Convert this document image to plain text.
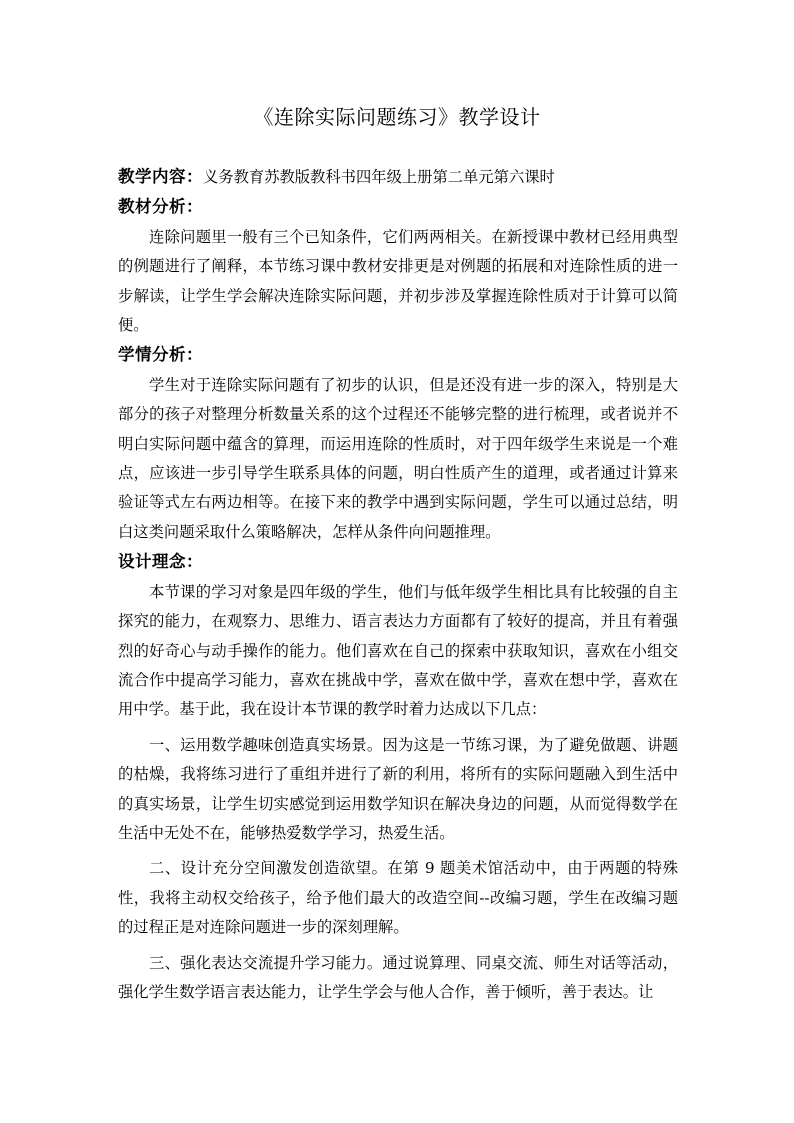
《连除实际问题练习》教学设计

教学内容：义务教育苏教版教科书四年级上册第二单元第六课时

教材分析：

连除问题里一般有三个已知条件，它们两两相关。在新授课中教材已经用典型的例题进行了阐释，本节练习课中教材安排更是对例题的拓展和对连除性质的进一步解读，让学生学会解决连除实际问题，并初步涉及掌握连除性质对于计算可以简便。

学情分析：

学生对于连除实际问题有了初步的认识，但是还没有进一步的深入，特别是大部分的孩子对整理分析数量关系的这个过程还不能够完整的进行梳理，或者说并不明白实际问题中蕴含的算理，而运用连除的性质时，对于四年级学生来说是一个难点，应该进一步引导学生联系具体的问题，明白性质产生的道理，或者通过计算来验证等式左右两边相等。在接下来的教学中遇到实际问题，学生可以通过总结，明白这类问题采取什么策略解决，怎样从条件向问题推理。

设计理念：

本节课的学习对象是四年级的学生，他们与低年级学生相比具有比较强的自主探究的能力，在观察力、思维力、语言表达力方面都有了较好的提高，并且有着强烈的好奇心与动手操作的能力。他们喜欢在自己的探索中获取知识，喜欢在小组交流合作中提高学习能力，喜欢在挑战中学，喜欢在做中学，喜欢在想中学，喜欢在用中学。基于此，我在设计本节课的教学时着力达成以下几点：

一、运用数学趣味创造真实场景。因为这是一节练习课，为了避免做题、讲题的枯燥，我将练习进行了重组并进行了新的利用，将所有的实际问题融入到生活中的真实场景，让学生切实感觉到运用数学知识在解决身边的问题，从而觉得数学在生活中无处不在，能够热爱数学学习，热爱生活。

二、设计充分空间激发创造欲望。在第 9 题美术馆活动中，由于两题的特殊性，我将主动权交给孩子，给予他们最大的改造空间--改编习题，学生在改编习题的过程正是对连除问题进一步的深刻理解。

三、强化表达交流提升学习能力。通过说算理、同桌交流、师生对话等活动，强化学生数学语言表达能力，让学生学会与他人合作，善于倾听，善于表达。让
